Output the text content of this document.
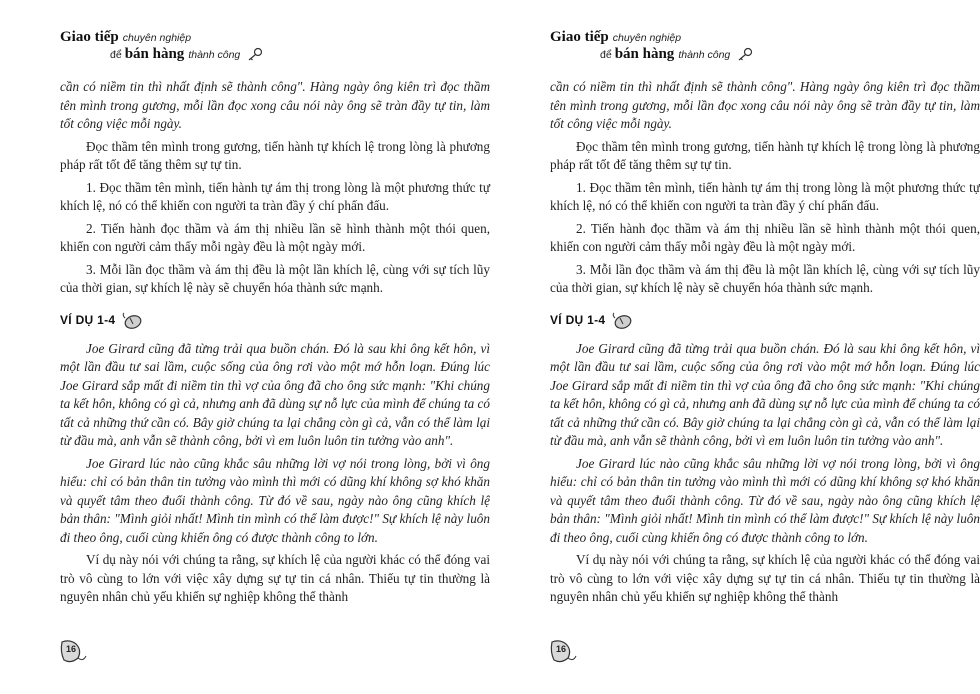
Giao tiếp chuyên nghiệp
để bán hàng thành công

cần có niềm tin thì nhất định sẽ thành công". Hàng ngày ông kiên trì đọc thầm tên mình trong gương, mỗi lần đọc xong câu nói này ông sẽ tràn đầy tự tin, làm tốt công việc mỗi ngày.

Đọc thầm tên mình trong gương, tiến hành tự khích lệ trong lòng là phương pháp rất tốt để tăng thêm sự tự tin.

1. Đọc thầm tên mình, tiến hành tự ám thị trong lòng là một phương thức tự khích lệ, nó có thể khiến con người ta tràn đầy ý chí phấn đấu.

2. Tiến hành đọc thầm và ám thị nhiều lần sẽ hình thành một thói quen, khiến con người cảm thấy mỗi ngày đều là một ngày mới.

3. Mỗi lần đọc thầm và ám thị đều là một lần khích lệ, cùng với sự tích lũy của thời gian, sự khích lệ này sẽ chuyển hóa thành sức mạnh.

VÍ DỤ 1-4

Joe Girard cũng đã từng trải qua buồn chán. Đó là sau khi ông kết hôn, vì một lần đầu tư sai lầm, cuộc sống của ông rơi vào một mớ hỗn loạn. Đúng lúc Joe Girard sắp mất đi niềm tin thì vợ của ông đã cho ông sức mạnh: "Khi chúng ta kết hôn, không có gì cả, nhưng anh đã dùng sự nỗ lực của mình để chúng ta có tất cả những thứ cần có. Bây giờ chúng ta lại chẳng còn gì cả, vẫn có thể làm lại từ đầu mà, anh vẫn sẽ thành công, bởi vì em luôn luôn tin tưởng vào anh".

Joe Girard lúc nào cũng khắc sâu những lời vợ nói trong lòng, bởi vì ông hiểu: chỉ có bản thân tin tưởng vào mình thì mới có dũng khí không sợ khó khăn và quyết tâm theo đuổi thành công. Từ đó về sau, ngày nào ông cũng khích lệ bản thân: "Mình giỏi nhất! Mình tin mình có thể làm được!" Sự khích lệ này luôn đi theo ông, cuối cùng khiến ông có được thành công to lớn.

Ví dụ này nói với chúng ta rằng, sự khích lệ của người khác có thể đóng vai trò vô cùng to lớn với việc xây dựng sự tự tin cá nhân. Thiếu tự tin thường là nguyên nhân chủ yếu khiến sự nghiệp không thể thành

16
Giao tiếp chuyên nghiệp
để bán hàng thành công

cần có niềm tin thì nhất định sẽ thành công". Hàng ngày ông kiên trì đọc thầm tên mình trong gương, mỗi lần đọc xong câu nói này ông sẽ tràn đầy tự tin, làm tốt công việc mỗi ngày.

Đọc thầm tên mình trong gương, tiến hành tự khích lệ trong lòng là phương pháp rất tốt để tăng thêm sự tự tin.

1. Đọc thầm tên mình, tiến hành tự ám thị trong lòng là một phương thức tự khích lệ, nó có thể khiến con người ta tràn đầy ý chí phấn đấu.

2. Tiến hành đọc thầm và ám thị nhiều lần sẽ hình thành một thói quen, khiến con người cảm thấy mỗi ngày đều là một ngày mới.

3. Mỗi lần đọc thầm và ám thị đều là một lần khích lệ, cùng với sự tích lũy của thời gian, sự khích lệ này sẽ chuyển hóa thành sức mạnh.

VÍ DỤ 1-4

Joe Girard cũng đã từng trải qua buồn chán. Đó là sau khi ông kết hôn, vì một lần đầu tư sai lầm, cuộc sống của ông rơi vào một mớ hỗn loạn. Đúng lúc Joe Girard sắp mất đi niềm tin thì vợ của ông đã cho ông sức mạnh: "Khi chúng ta kết hôn, không có gì cả, nhưng anh đã dùng sự nỗ lực của mình để chúng ta có tất cả những thứ cần có. Bây giờ chúng ta lại chẳng còn gì cả, vẫn có thể làm lại từ đầu mà, anh vẫn sẽ thành công, bởi vì em luôn luôn tin tưởng vào anh".

Joe Girard lúc nào cũng khắc sâu những lời vợ nói trong lòng, bởi vì ông hiểu: chỉ có bản thân tin tưởng vào mình thì mới có dũng khí không sợ khó khăn và quyết tâm theo đuổi thành công. Từ đó về sau, ngày nào ông cũng khích lệ bản thân: "Mình giỏi nhất! Mình tin mình có thể làm được!" Sự khích lệ này luôn đi theo ông, cuối cùng khiến ông có được thành công to lớn.

Ví dụ này nói với chúng ta rằng, sự khích lệ của người khác có thể đóng vai trò vô cùng to lớn với việc xây dựng sự tự tin cá nhân. Thiếu tự tin thường là nguyên nhân chủ yếu khiến sự nghiệp không thể thành

16
